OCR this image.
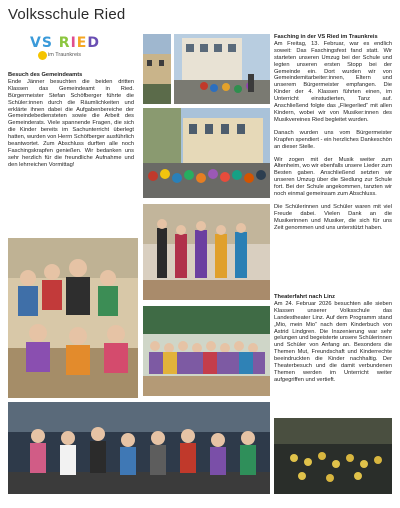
Volksschule Ried
VS RIED
im Traunkreis
Besuch des Gemeindeamts
Ende Jänner besuchten die beiden dritten Klassen das Gemeindeamt in Ried. Bürgermeister Stefan Schöfberger führte die Schüler:innen durch die Räumlichkeiten und erklärte ihnen dabei die Aufgabenbereiche der Gemeindebediensteten sowie die Arbeit des Gemeinderats. Viele spannende Fragen, die sich die Kinder bereits im Sachunterricht überlegt hatten, wurden von Herrn Schöfberger ausführlich beantwortet. Zum Abschluss durften alle noch Faschingskrapfen genießen. Wir bedanken uns sehr herzlich für die freundliche Aufnahme und den lehrreichen Vormittag!
Fasching in der VS Ried im Traunkreis

Am Freitag, 13. Februar, war es endlich soweit: Das Faschingsfest fand statt. Wir starteten unseren Umzug bei der Schule und legten unseren ersten Stopp bei der Gemeinde ein. Dort wurden wir von Gemeindemitarbeiter:innen, Eltern und unserem Bürgermeister empfangen. Die Kinder der 4. Klassen führten einen, im Unterricht einstudierten, Tanz auf. Anschließend folgte das „Fliegerlied“ mit allen Kindern, wobei wir von Musiker:innen des Musikvereines Ried begleitet wurden.

Danach wurden uns vom Bürgermeister Krapfen spendiert - ein herzliches Dankeschön an dieser Stelle.

Wir zogen mit der Musik weiter zum Altenheim, wo wir ebenfalls unsere Lieder zum Besten gaben. Anschließend setzten wir unseren Umzug über die Siedlung zur Schule fort. Bei der Schule angekommen, tanzten wir noch einmal gemeinsam zum Abschluss.

Die Schülerinnen und Schüler waren mit viel Freude dabei. Vielen Dank an die Musikerinnen und Musiker, die sich für uns Zeit genommen und uns unterstützt haben.

Theaterfahrt nach Linz
Am 24. Februar 2026 besuchten alle sieben Klassen unserer Volksschule das Landestheater Linz. Auf dem Programm stand „Mio, mein Mio“ nach dem Kinderbuch von Astrid Lindgren. Die Inszenierung war sehr gelungen und begeisterte unsere Schülerinnen und Schüler von Anfang an. Besonders die Themen Mut, Freundschaft und Kinderrechte beeindruckten die Kinder nachhaltig. Der Theaterbesuch und die damit verbundenen Themen werden im Unterricht weiter aufgegriffen und vertieft.
